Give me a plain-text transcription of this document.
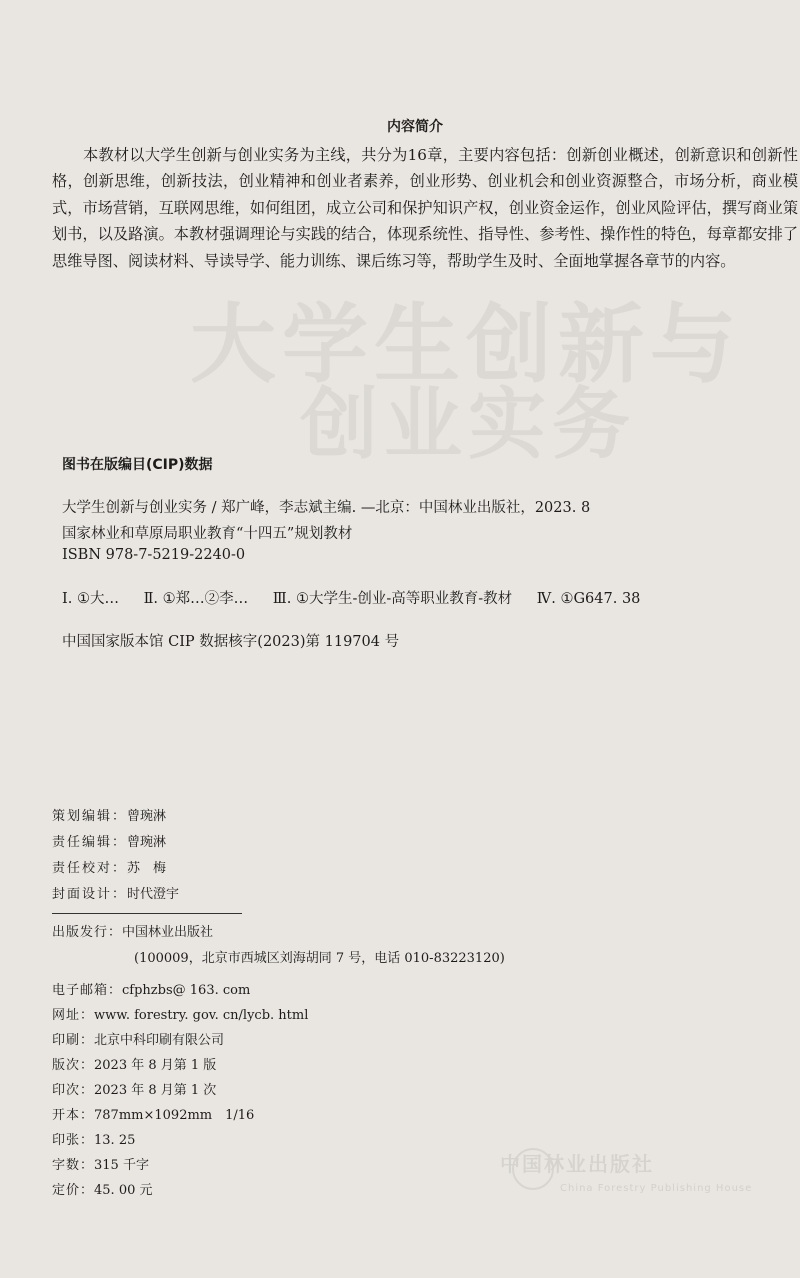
大学生创新与
创业实务
中国林业出版社
China Forestry Publishing House
内容简介
本教材以大学生创新与创业实务为主线，共分为16章，主要内容包括：创新创业概述，创新意识和创新性格，创新思维，创新技法，创业精神和创业者素养，创业形势、创业机会和创业资源整合，市场分析，商业模式，市场营销，互联网思维，如何组团，成立公司和保护知识产权，创业资金运作，创业风险评估，撰写商业策划书，以及路演。本教材强调理论与实践的结合，体现系统性、指导性、参考性、操作性的特色，每章都安排了思维导图、阅读材料、导读导学、能力训练、课后练习等，帮助学生及时、全面地掌握各章节的内容。
图书在版编目(CIP)数据
大学生创新与创业实务 / 郑广峰，李志斌主编. —北京：中国林业出版社，2023. 8
国家林业和草原局职业教育“十四五”规划教材
ISBN 978-7-5219-2240-0
Ⅰ. ①大… Ⅱ. ①郑…②李… Ⅲ. ①大学生-创业-高等职业教育-教材 Ⅳ. ①G647. 38
中国国家版本馆 CIP 数据核字(2023)第 119704 号
策划编辑：曾琬淋
责任编辑：曾琬淋
责任校对：苏　梅
封面设计：时代澄宇
出版发行：中国林业出版社
(100009，北京市西城区刘海胡同 7 号，电话 010-83223120)
电子邮箱：cfphzbs@ 163. com
网址：www. forestry. gov. cn/lycb. html
印刷：北京中科印刷有限公司
版次：2023 年 8 月第 1 版
印次：2023 年 8 月第 1 次
开本：787mm×1092mm　1/16
印张：13. 25
字数：315 千字
定价：45. 00 元
